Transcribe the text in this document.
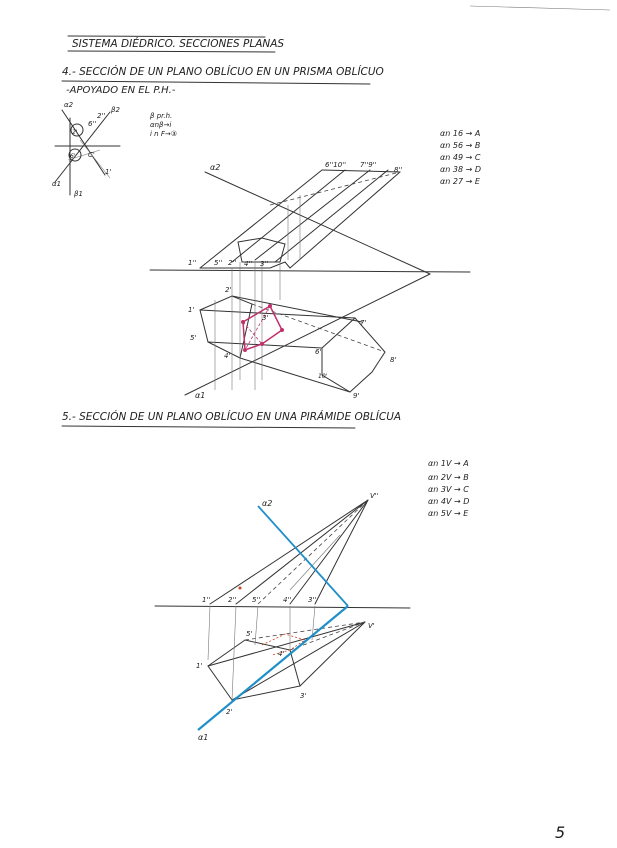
SISTEMA DIÉDRICO. SECCIONES PLANAS
4.- SECCIÓN DE UN PLANO OBLÍCUO EN UN PRISMA OBLÍCUO
-APOYADO EN EL P.H.-
α2
β2
2''
6''
α1
β1
2'
6' C'
1'
β pr.h.
αnβ→i
i n F→③	αn 16 → A
αn 56 → B
αn 49 → C
αn 38 → D
αn 27 → E
6''10'' 7''9''
8''
1''	5'' 2'' 4'' 3''
2'
1'
3'
5'
4'
7'
6'
8'
10'
9'
α2
α1
5.- SECCIÓN DE UN PLANO OBLÍCUO EN UNA PIRÁMIDE OBLÍCUA
αn 1V → A
αn 2V → B
αn 3V → C
αn 4V → D
αn 5V → E
V''
V'
1''	2'' 5''	4'' 3''
5'
4'
1'
2'
3'
α2
α1
5
